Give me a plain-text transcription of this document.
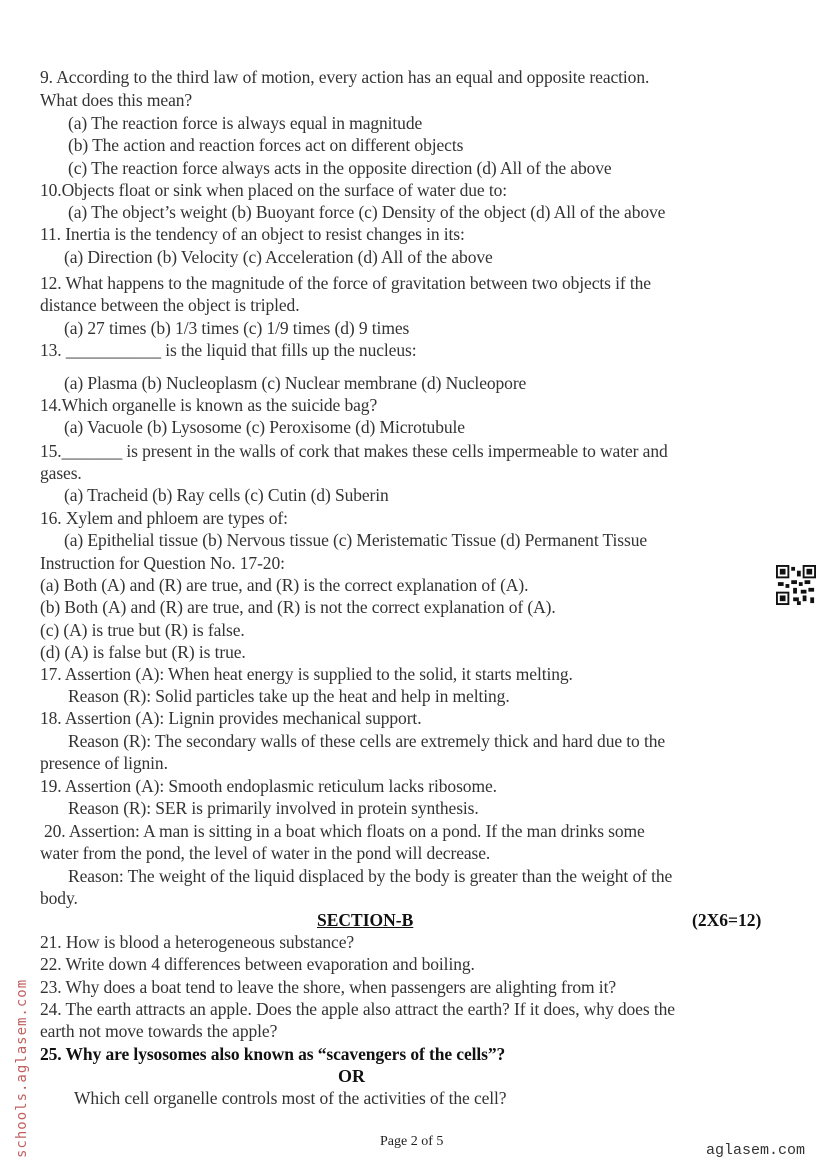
9. According to the third law of motion, every action has an equal and opposite reaction.
What does this mean?
(a) The reaction force is always equal in magnitude
(b) The action and reaction forces act on different objects
(c) The reaction force always acts in the opposite direction (d) All of the above
10.Objects float or sink when placed on the surface of water due to:
(a) The object’s weight (b) Buoyant force (c) Density of the object (d) All of the above
11. Inertia is the tendency of an object to resist changes in its:
(a) Direction (b) Velocity (c) Acceleration (d) All of the above
12. What happens to the magnitude of the force of gravitation between two objects if the
distance between the object is tripled.
(a) 27 times (b) 1/3 times (c) 1/9 times (d) 9 times
13. ___________ is the liquid that fills up the nucleus:
(a) Plasma (b) Nucleoplasm (c) Nuclear membrane (d) Nucleopore
14.Which organelle is known as the suicide bag?
(a) Vacuole (b) Lysosome (c) Peroxisome (d) Microtubule
15._______ is present in the walls of cork that makes these cells impermeable to water and
gases.
(a) Tracheid (b) Ray cells (c) Cutin (d) Suberin
16. Xylem and phloem are types of:
(a) Epithelial tissue (b) Nervous tissue (c) Meristematic Tissue (d) Permanent Tissue
Instruction for Question No. 17-20:
(a) Both (A) and (R) are true, and (R) is the correct explanation of (A).
(b) Both (A) and (R) are true, and (R) is not the correct explanation of (A).
(c) (A) is true but (R) is false.
(d) (A) is false but (R) is true.
17. Assertion (A): When heat energy is supplied to the solid, it starts melting.
Reason (R): Solid particles take up the heat and help in melting.
18. Assertion (A): Lignin provides mechanical support.
Reason (R): The secondary walls of these cells are extremely thick and hard due to the
presence of lignin.
19. Assertion (A): Smooth endoplasmic reticulum lacks ribosome.
Reason (R): SER is primarily involved in protein synthesis.
20. Assertion: A man is sitting in a boat which floats on a pond. If the man drinks some
water from the pond, the level of water in the pond will decrease.
Reason: The weight of the liquid displaced by the body is greater than the weight of the
body.
21. How is blood a heterogeneous substance?
22. Write down 4 differences between evaporation and boiling.
23. Why does a boat tend to leave the shore, when passengers are alighting from it?
24. The earth attracts an apple. Does the apple also attract the earth? If it does, why does the
earth not move towards the apple?
25. Why are lysosomes also known as “scavengers of the cells”?
Which cell organelle controls most of the activities of the cell?
SECTION-B	(2X6=12)
OR
Page 2 of 5
schools.aglasem.com	aglasem.com
